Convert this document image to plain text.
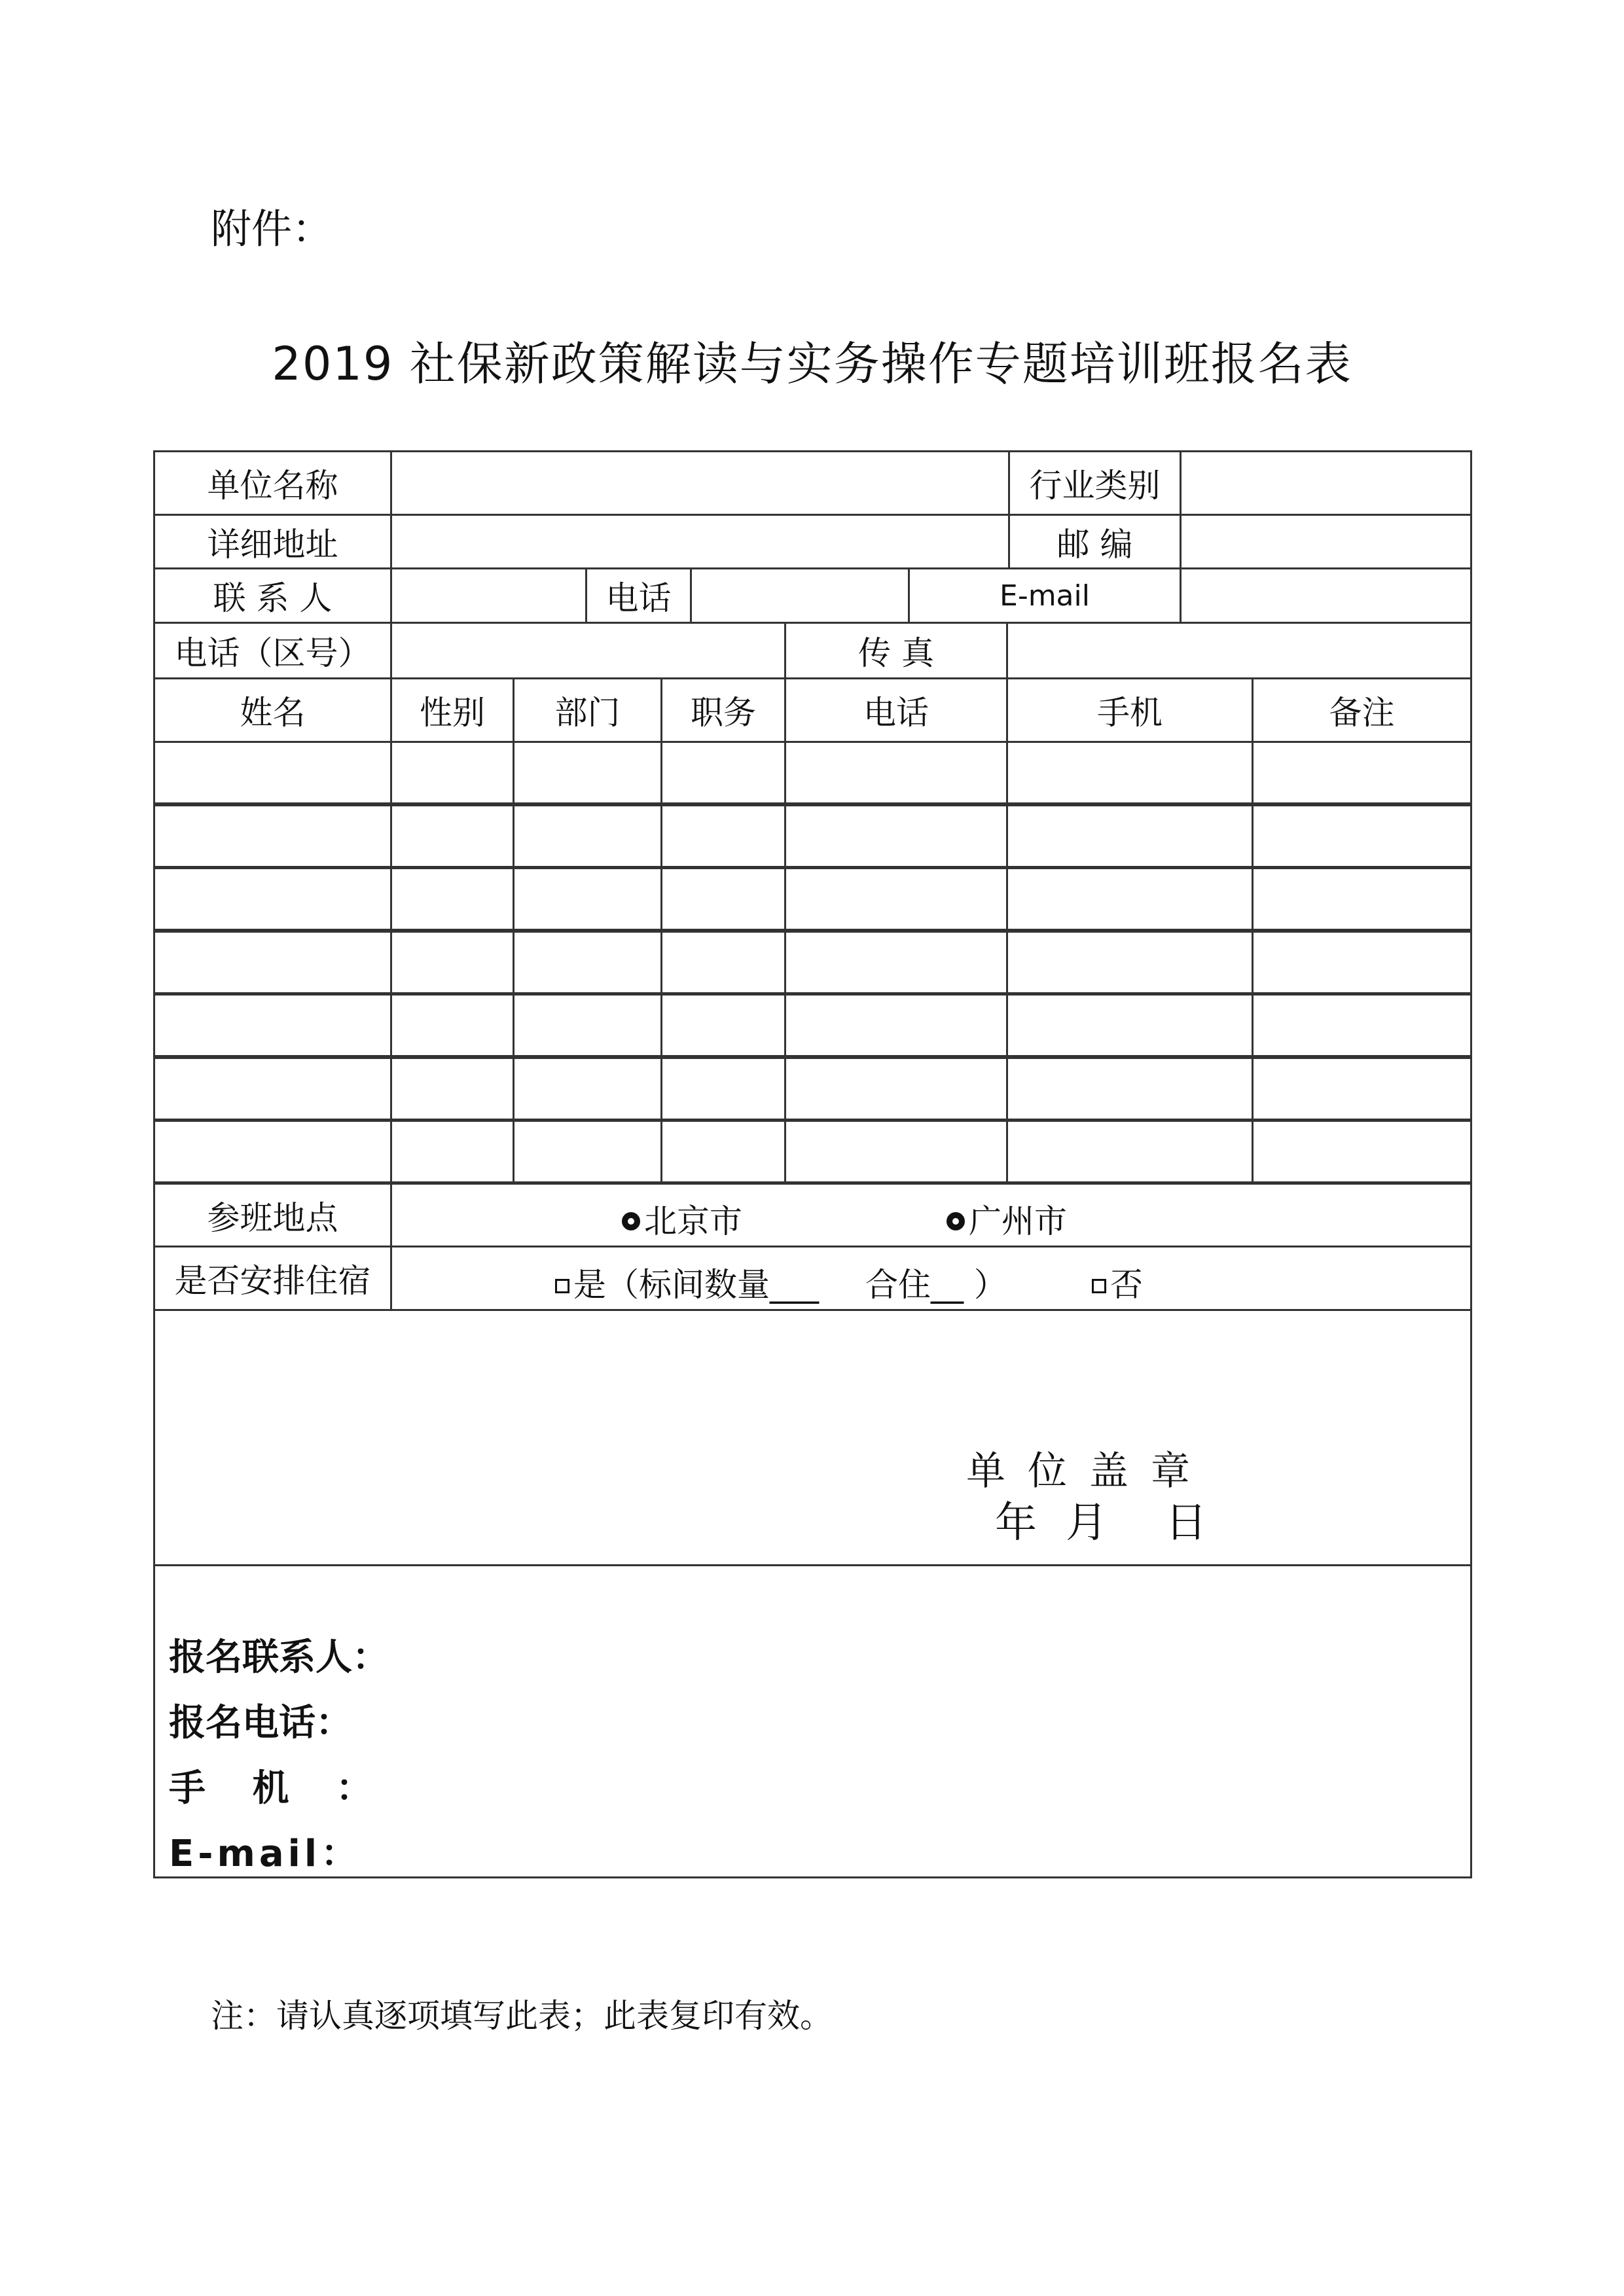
附件：
2019 社保新政策解读与实务操作专题培训班报名表
单位名称	行业类别
详细地址	邮 编
联 系 人	电话	E-mail
电话（区号）	传 真
姓名	性别	部门	职务	电话	手机	备注
参班地点	北京市	广州市
是否安排住宿	是（标间数量___ 合住__ ）	否
单位盖章
年 月 日
报名联系人：
报名电话：
手 机 ：
E-mail：
注：请认真逐项填写此表；此表复印有效。
